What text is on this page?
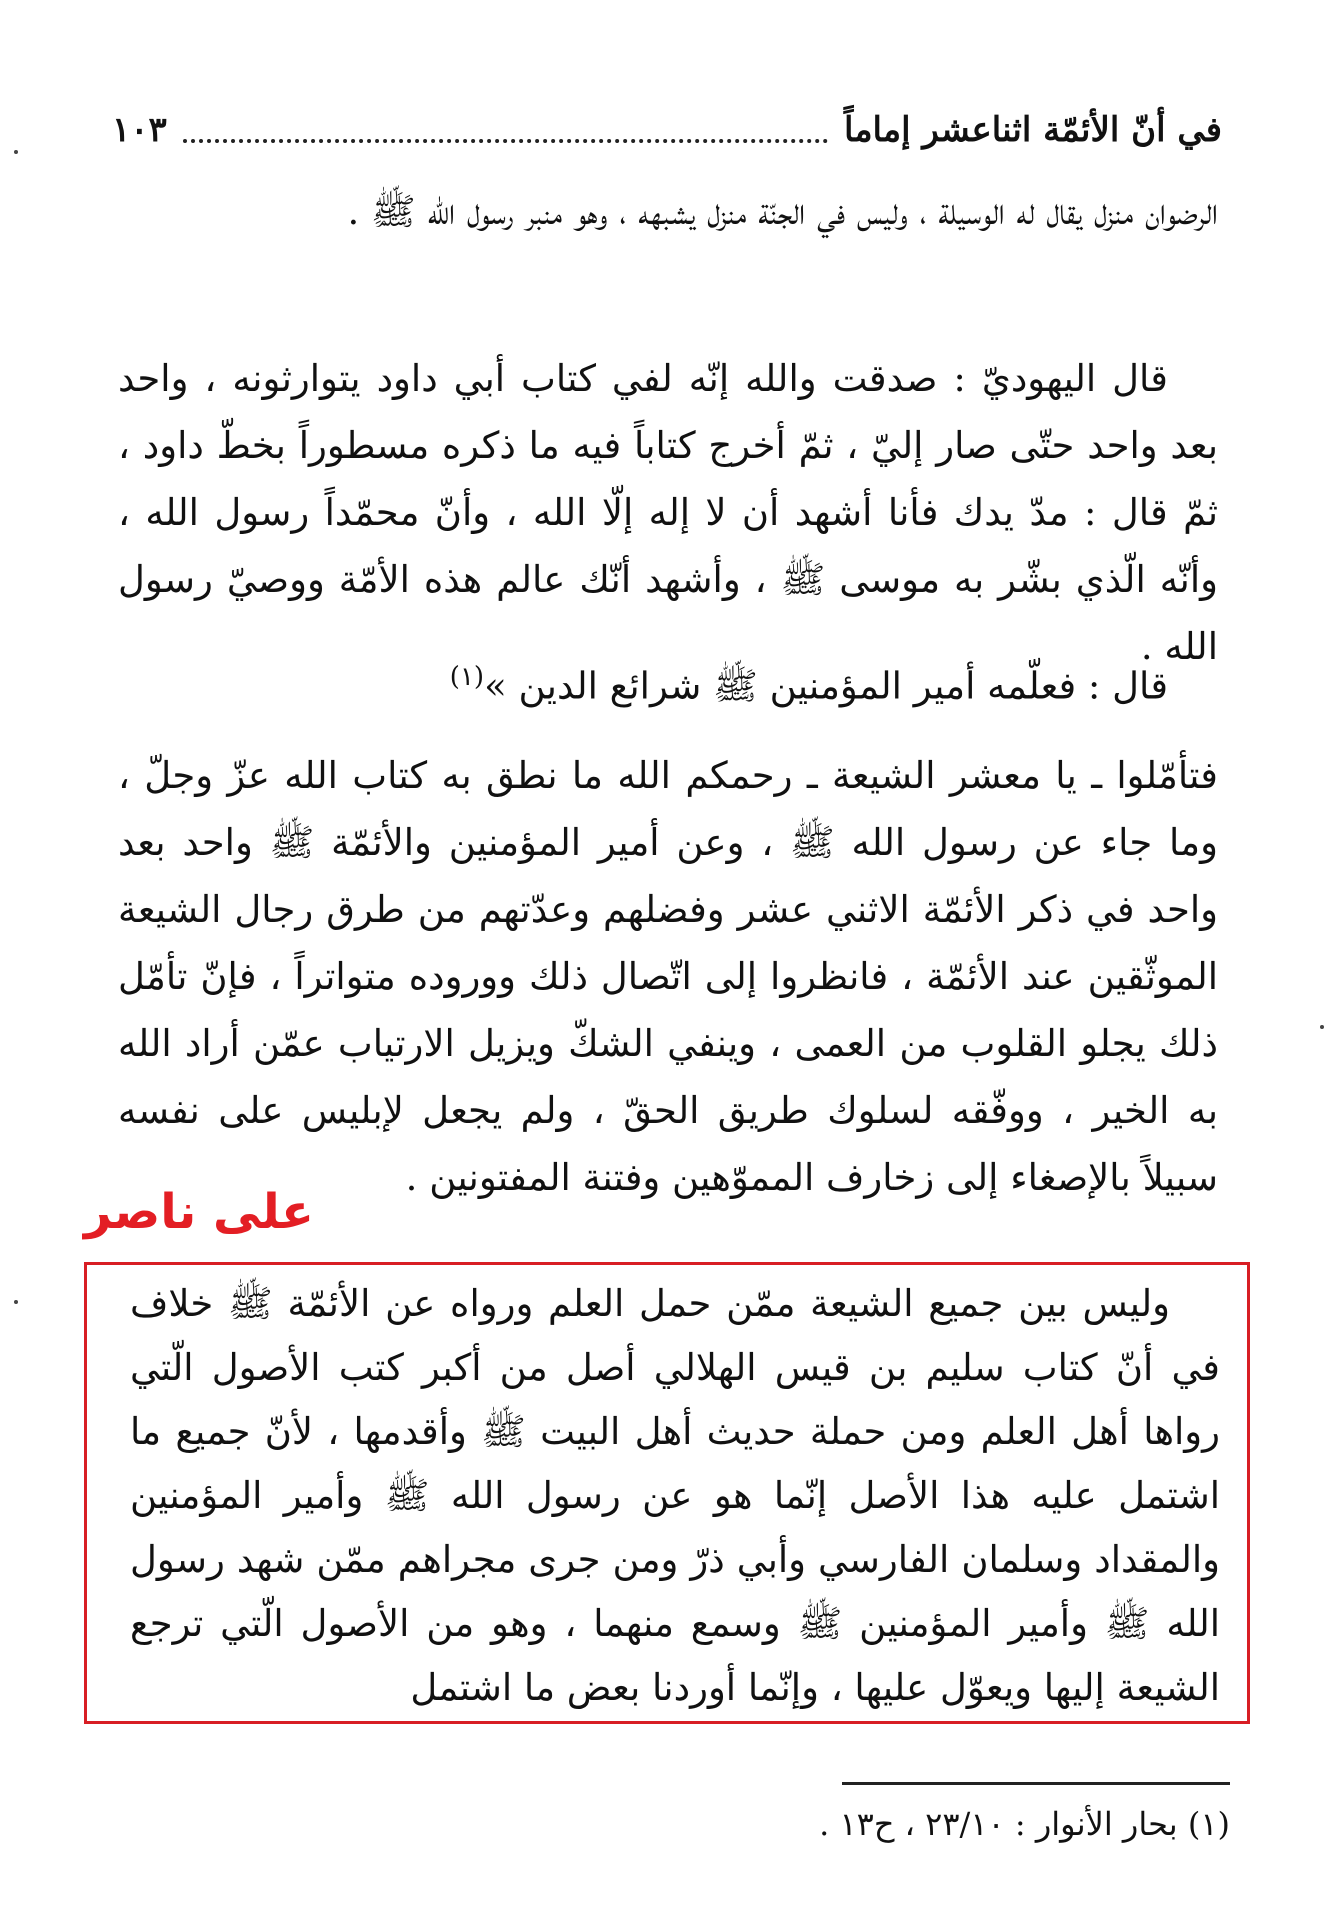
في أنّ الأئمّة اثناعشر إماماً
١٠٣

الرضوان منزل يقال له الوسيلة ، وليس في الجنّة منزل يشبهه ، وهو منبر رسول الله ﷺ .

قال اليهوديّ : صدقت والله إنّه لفي كتاب أبي داود يتوارثونه ، واحد بعد واحد حتّى صار إليّ ، ثمّ أخرج كتاباً فيه ما ذكره مسطوراً بخطّ داود ، ثمّ قال : مدّ يدك فأنا أشهد أن لا إله إلّا الله ، وأنّ محمّداً رسول الله ، وأنّه الّذي بشّر به موسى ﷺ ، وأشهد أنّك عالم هذه الأمّة ووصيّ رسول الله .

قال : فعلّمه أمير المؤمنين ﷺ شرائع الدين »$^{(١)}$

فتأمّلوا ـ يا معشر الشيعة ـ رحمكم الله ما نطق به كتاب الله عزّ وجلّ ، وما جاء عن رسول الله ﷺ ، وعن أمير المؤمنين والأئمّة ﷺ واحد بعد واحد في ذكر الأئمّة الاثني عشر وفضلهم وعدّتهم من طرق رجال الشيعة الموثّقين عند الأئمّة ، فانظروا إلى اتّصال ذلك ووروده متواتراً ، فإنّ تأمّل ذلك يجلو القلوب من العمى ، وينفي الشكّ ويزيل الارتياب عمّن أراد الله به الخير ، ووفّقه لسلوك طريق الحقّ ، ولم يجعل لإبليس على نفسه سبيلاً بالإصغاء إلى زخارف المموّهين وفتنة المفتونين .

على ناصر

وليس بين جميع الشيعة ممّن حمل العلم ورواه عن الأئمّة ﷺ خلاف في أنّ كتاب سليم بن قيس الهلالي أصل من أكبر كتب الأصول الّتي رواها أهل العلم ومن حملة حديث أهل البيت ﷺ وأقدمها ، لأنّ جميع ما اشتمل عليه هذا الأصل إنّما هو عن رسول الله ﷺ وأمير المؤمنين والمقداد وسلمان الفارسي وأبي ذرّ ومن جرى مجراهم ممّن شهد رسول الله ﷺ وأمير المؤمنين ﷺ وسمع منهما ، وهو من الأصول الّتي ترجع الشيعة إليها ويعوّل عليها ، وإنّما أوردنا بعض ما اشتمل

(١) بحار الأنوار : ٢٣/١٠ ، ح١٣ .
